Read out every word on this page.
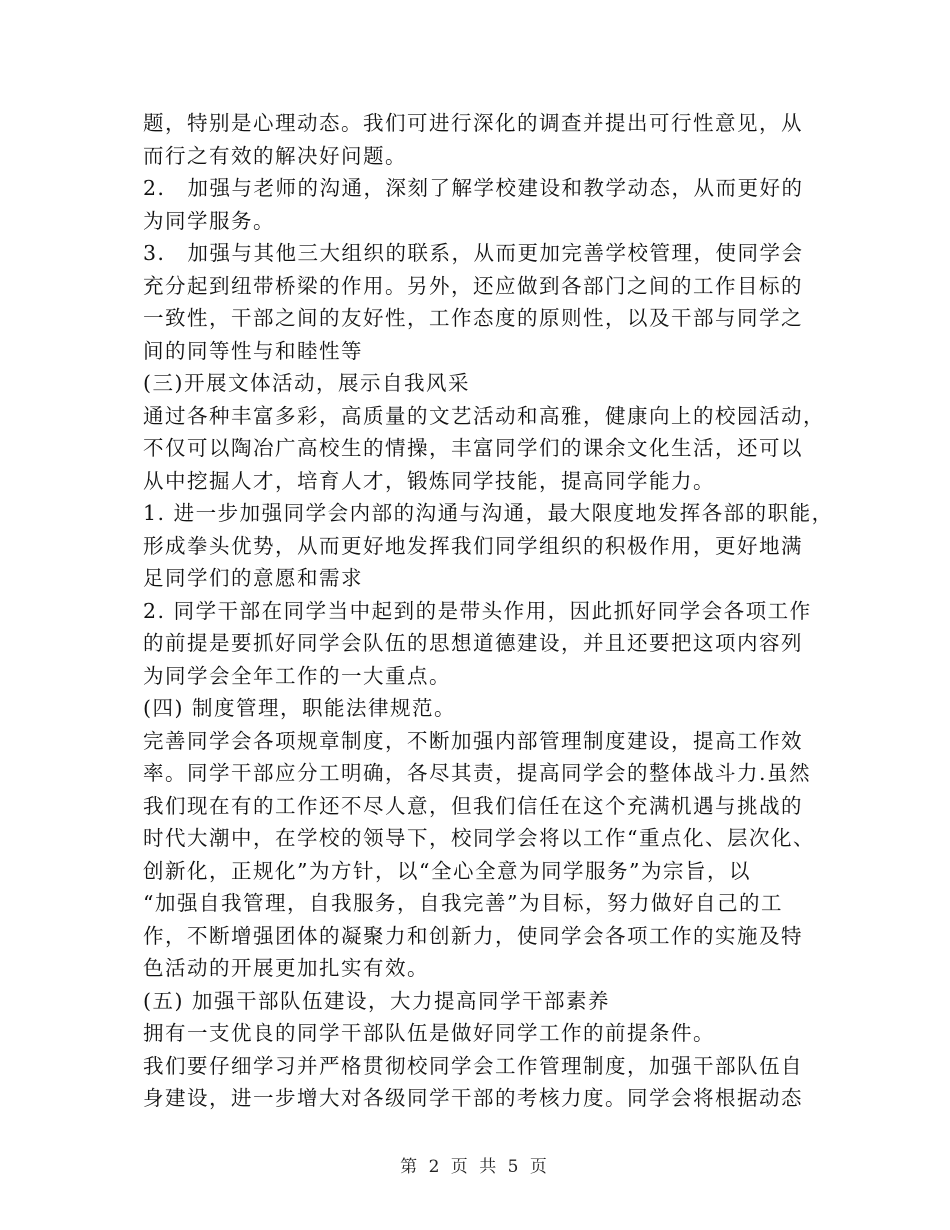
题，特别是心理动态。我们可进行深化的调查并提出可行性意见，从
而行之有效的解决好问题。
2． 加强与老师的沟通，深刻了解学校建设和教学动态，从而更好的
为同学服务。
3． 加强与其他三大组织的联系，从而更加完善学校管理，使同学会
充分起到纽带桥梁的作用。另外，还应做到各部门之间的工作目标的
一致性，干部之间的友好性，工作态度的原则性，以及干部与同学之
间的同等性与和睦性等
(三)开展文体活动，展示自我风采
通过各种丰富多彩，高质量的文艺活动和高雅，健康向上的校园活动，
不仅可以陶冶广高校生的情操，丰富同学们的课余文化生活，还可以
从中挖掘人才，培育人才，锻炼同学技能，提高同学能力。
1. 进一步加强同学会内部的沟通与沟通，最大限度地发挥各部的职能，
形成拳头优势，从而更好地发挥我们同学组织的积极作用，更好地满
足同学们的意愿和需求
2. 同学干部在同学当中起到的是带头作用，因此抓好同学会各项工作
的前提是要抓好同学会队伍的思想道德建设，并且还要把这项内容列
为同学会全年工作的一大重点。
(四) 制度管理，职能法律规范。
完善同学会各项规章制度，不断加强内部管理制度建设，提高工作效
率。同学干部应分工明确，各尽其责，提高同学会的整体战斗力.虽然
我们现在有的工作还不尽人意，但我们信任在这个充满机遇与挑战的
时代大潮中，在学校的领导下，校同学会将以工作“重点化、层次化、
创新化，正规化”为方针，以“全心全意为同学服务”为宗旨，以
“加强自我管理，自我服务，自我完善”为目标，努力做好自己的工
作，不断增强团体的凝聚力和创新力，使同学会各项工作的实施及特
色活动的开展更加扎实有效。
(五) 加强干部队伍建设，大力提高同学干部素养
拥有一支优良的同学干部队伍是做好同学工作的前提条件。
我们要仔细学习并严格贯彻校同学会工作管理制度，加强干部队伍自
身建设，进一步增大对各级同学干部的考核力度。同学会将根据动态
第 2 页 共 5 页
